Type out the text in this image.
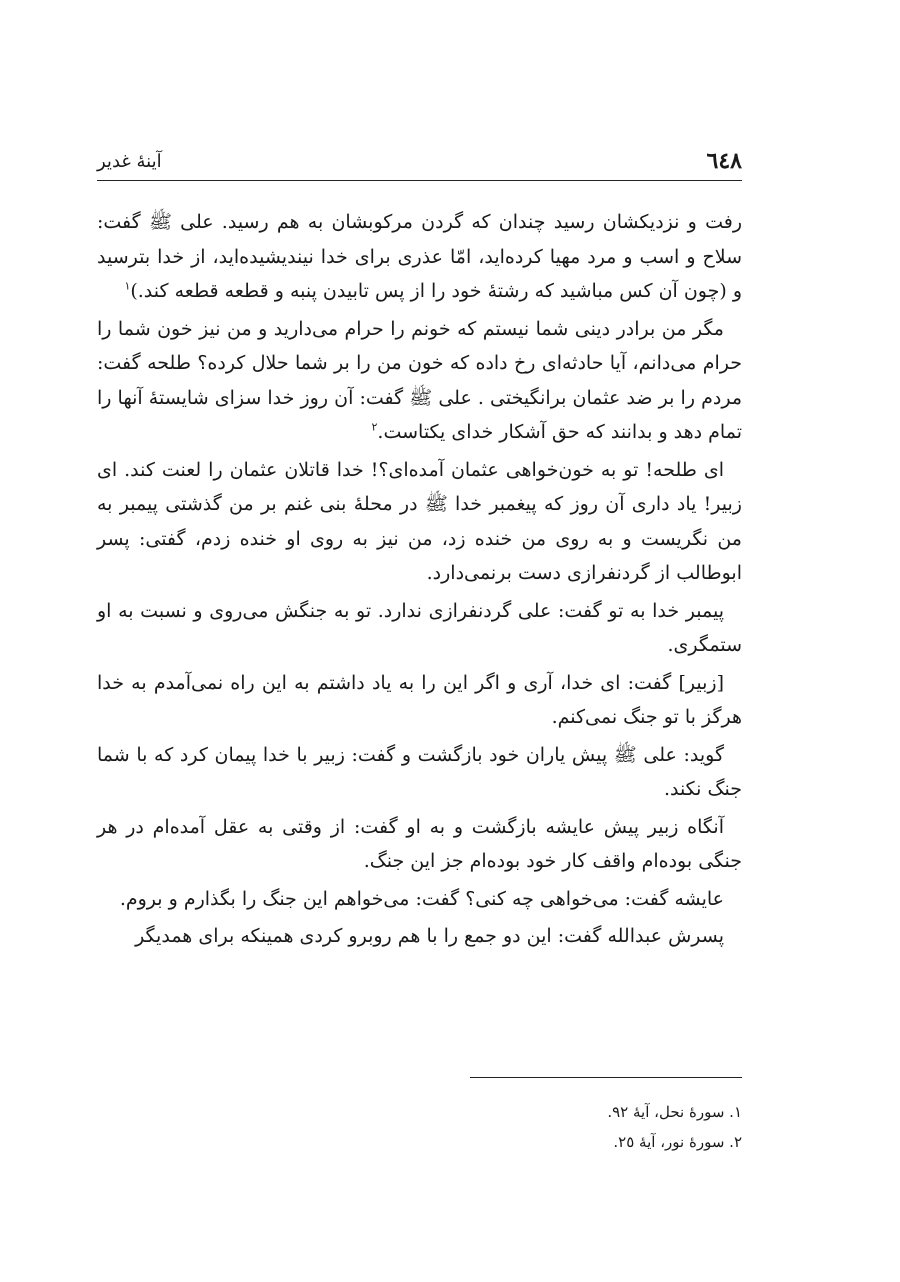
٦٤٨
آینهٔ غدیر

رفت و نزدیکشان رسید چندان که گردن مرکوبشان به هم رسید. علی ﷺ گفت: سلاح و اسب و مرد مهیا کرده‌اید، امّا عذری برای خدا نیندیشیده‌اید، از خدا بترسید و (چون آن کس مباشید که رشتهٔ خود را از پس تابیدن پنبه و قطعه قطعه کند.)$^١$

مگر من برادر دینی شما نیستم که خونم را حرام می‌دارید و من نیز خون شما را حرام می‌دانم، آیا حادثه‌ای رخ داده که خون من را بر شما حلال کرده؟ طلحه گفت: مردم را بر ضد عثمان برانگیختی . علی ﷺ گفت: آن روز خدا سزای شایستهٔ آنها را تمام دهد و بدانند که حق آشکار خدای یکتاست.$^٢$

ای طلحه! تو به خون‌خواهی عثمان آمده‌ای؟! خدا قاتلان عثمان را لعنت کند. ای زبیر! یاد داری آن روز که پیغمبر خدا ﷺ در محلهٔ بنی غنم بر من گذشتی پیمبر به من نگریست و به روی من خنده زد، من نیز به روی او خنده زدم، گفتی: پسر ابوطالب از گردنفرازی دست برنمی‌دارد.

پیمبر خدا به تو گفت: علی گردنفرازی ندارد. تو به جنگش می‌روی و نسبت به او ستمگری.

[زبیر] گفت: ای خدا، آری و اگر این را به یاد داشتم به این راه نمی‌آمدم به خدا هرگز با تو جنگ نمی‌کنم.

گوید: علی ﷺ پیش یاران خود بازگشت و گفت: زبیر با خدا پیمان کرد که با شما جنگ نکند.

آنگاه زبیر پیش عایشه بازگشت و به او گفت: از وقتی به عقل آمده‌ام در هر جنگی بوده‌ام واقف کار خود بوده‌ام جز این جنگ.

عایشه گفت: می‌خواهی چه کنی؟ گفت: می‌خواهم این جنگ را بگذارم و بروم.

پسرش عبدالله گفت: این دو جمع را با هم روبرو کردی همینکه برای همدیگر

١. سورهٔ نحل، آیهٔ ٩٢.

٢. سورهٔ نور، آیهٔ ٢٥.
